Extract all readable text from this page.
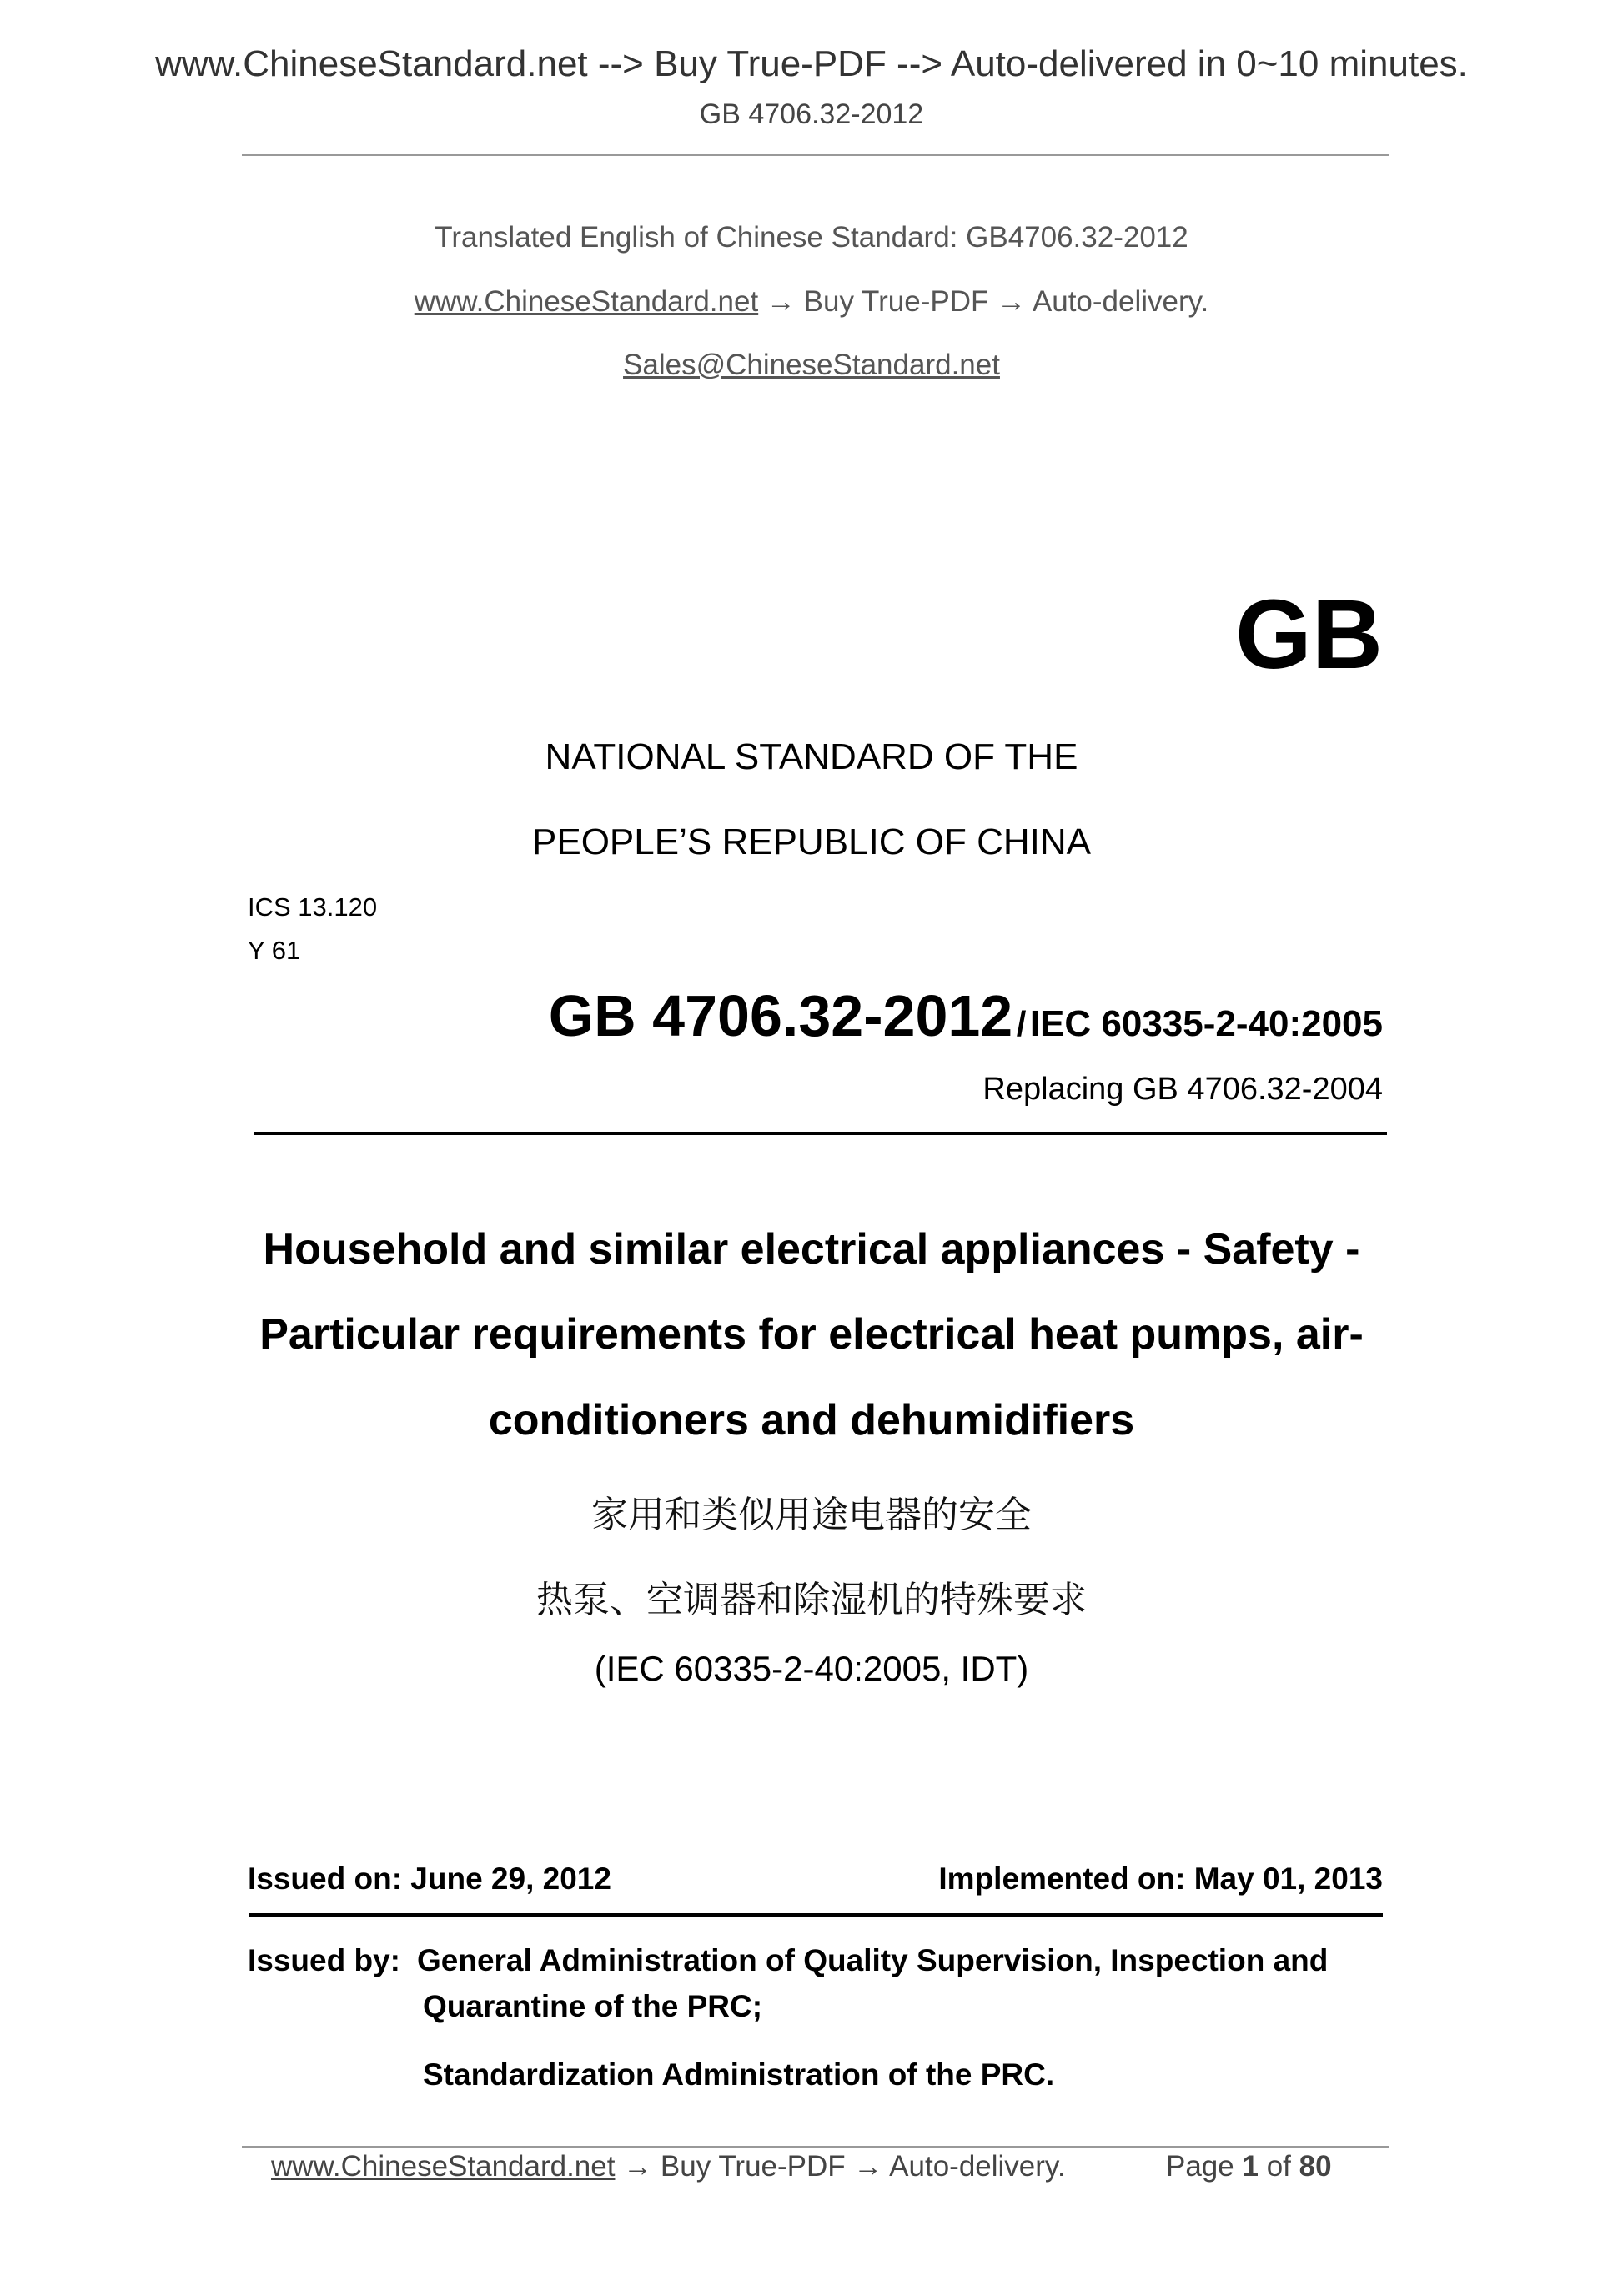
www.ChineseStandard.net --> Buy True-PDF --> Auto-delivered in 0~10 minutes.
GB 4706.32-2012
Translated English of Chinese Standard: GB4706.32-2012
www.ChineseStandard.net → Buy True-PDF → Auto-delivery.
Sales@ChineseStandard.net
GB
NATIONAL STANDARD OF THE
PEOPLE’S REPUBLIC OF CHINA
ICS 13.120
Y 61
GB 4706.32-2012 / IEC 60335-2-40:2005
Replacing GB 4706.32-2004
Household and similar electrical appliances - Safety -
Particular requirements for electrical heat pumps, air-
conditioners and dehumidifiers
家用和类似用途电器的安全
热泵、空调器和除湿机的特殊要求
(IEC 60335-2-40:2005, IDT)
Issued on: June 29, 2012	Implemented on: May 01, 2013
Issued by: General Administration of Quality Supervision, Inspection and
Quarantine of the PRC;
Standardization Administration of the PRC.
www.ChineseStandard.net → Buy True-PDF → Auto-delivery.	Page 1 of 80
